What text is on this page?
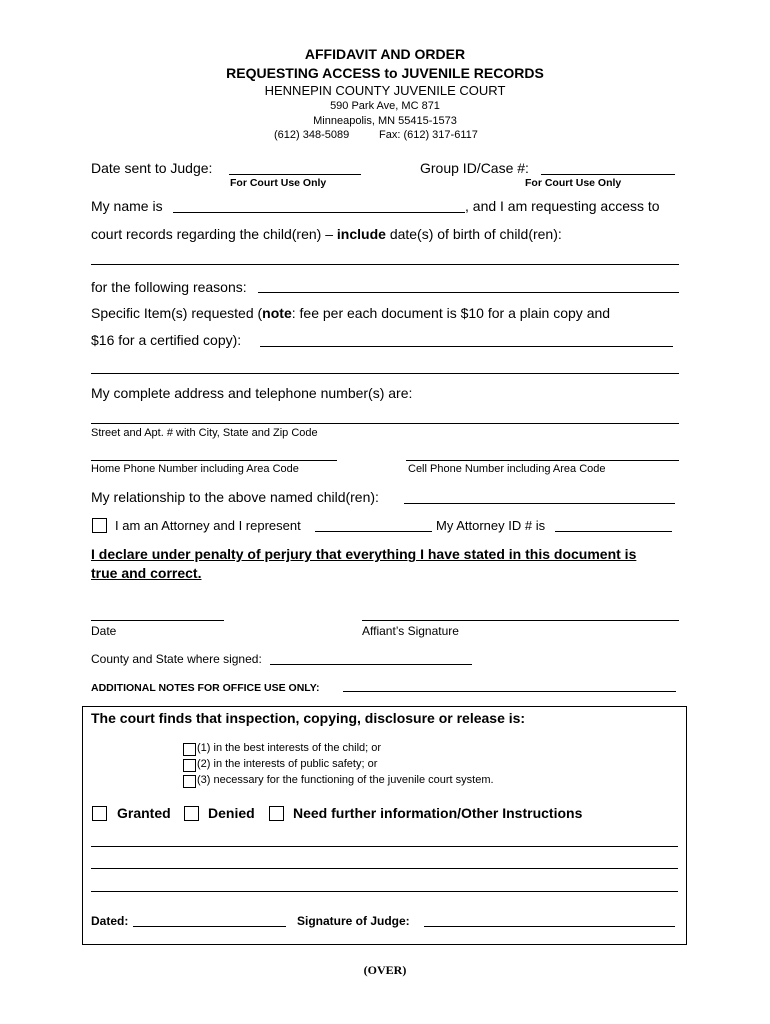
AFFIDAVIT AND ORDER
REQUESTING ACCESS to JUVENILE RECORDS
HENNEPIN COUNTY JUVENILE COURT
590 Park Ave, MC 871
Minneapolis, MN 55415-1573
(612) 348-5089	Fax: (612) 317-6117
Date sent to Judge:
For Court Use Only
Group ID/Case #:
For Court Use Only
My name is	, and I am requesting access to
court records regarding the child(ren) – include date(s) of birth of child(ren):
for the following reasons:
Specific Item(s) requested (note: fee per each document is $10 for a plain copy and
$16 for a certified copy):
My complete address and telephone number(s) are:
Street and Apt. # with City, State and Zip Code
Home Phone Number including Area Code	Cell Phone Number including Area Code
My relationship to the above named child(ren):
I am an Attorney and I represent	My Attorney ID # is
I declare under penalty of perjury that everything I have stated in this document is
true and correct.
Date	Affiant’s Signature
County and State where signed:
ADDITIONAL NOTES FOR OFFICE USE ONLY:
The court finds that inspection, copying, disclosure or release is:
(1) in the best interests of the child; or
(2) in the interests of public safety; or
(3) necessary for the functioning of the juvenile court system.
Granted	Denied	Need further information/Other Instructions
Dated:	Signature of Judge:
(OVER)
